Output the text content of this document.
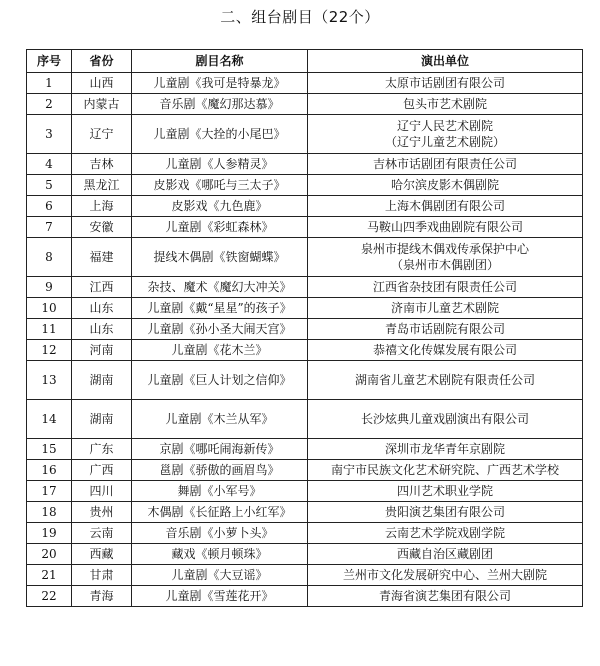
二、组台剧目（22个）
序号	省份	剧目名称	演出单位
1	山西	儿童剧《我可是特暴龙》	太原市话剧团有限公司

2	内蒙古	音乐剧《魔幻那达慕》	包头市艺术剧院

3	辽宁	儿童剧《大拴的小尾巴》	辽宁人民艺术剧院
（辽宁儿童艺术剧院）

4	吉林	儿童剧《人参精灵》	吉林市话剧团有限责任公司

5	黑龙江	皮影戏《哪吒与三太子》	哈尔滨皮影木偶剧院

6	上海	皮影戏《九色鹿》	上海木偶剧团有限公司

7	安徽	儿童剧《彩虹森林》	马鞍山四季戏曲剧院有限公司

8	福建	提线木偶剧《铁窗蝴蝶》	泉州市提线木偶戏传承保护中心
（泉州市木偶剧团）

9	江西	杂技、魔术《魔幻大冲关》	江西省杂技团有限责任公司

10	山东	儿童剧《戴“星星”的孩子》	济南市儿童艺术剧院

11	山东	儿童剧《孙小圣大闹天宫》	青岛市话剧院有限公司

12	河南	儿童剧《花木兰》	恭禧文化传媒发展有限公司

13	湖南	儿童剧《巨人计划之信仰》	湖南省儿童艺术剧院有限责任公司

14	湖南	儿童剧《木兰从军》	长沙炫典儿童戏剧演出有限公司

15	广东	京剧《哪吒闹海新传》	深圳市龙华青年京剧院

16	广西	邕剧《骄傲的画眉鸟》	南宁市民族文化艺术研究院、广西艺术学校

17	四川	舞剧《小军号》	四川艺术职业学院

18	贵州	木偶剧《长征路上小红军》	贵阳演艺集团有限公司

19	云南	音乐剧《小萝卜头》	云南艺术学院戏剧学院

20	西藏	藏戏《顿月顿珠》	西藏自治区藏剧团

21	甘肃	儿童剧《大豆谣》	兰州市文化发展研究中心、兰州大剧院

22	青海	儿童剧《雪莲花开》	青海省演艺集团有限公司
